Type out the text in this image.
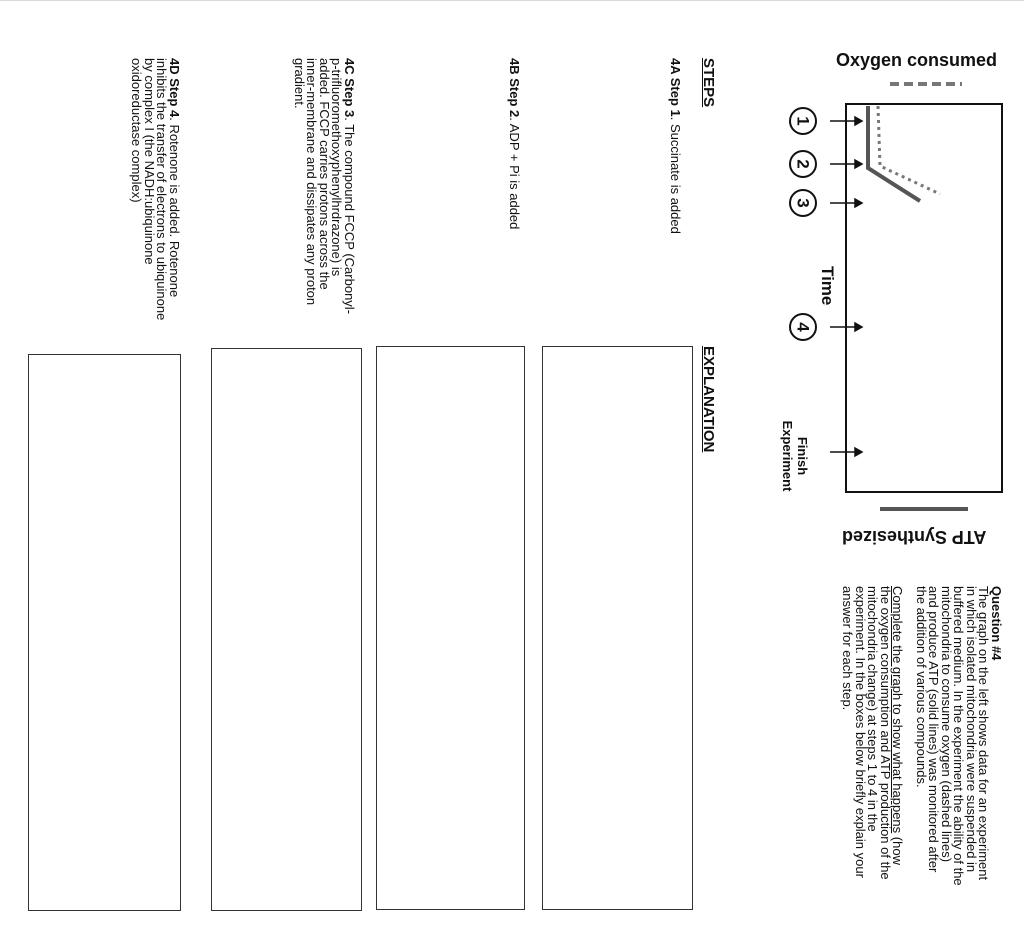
Oxygen consumed
ATP Synthesized
1
2
3
4
Time
Finish Experiment
Question #4
The graph on the left shows data for an experiment in which isolated mitochondria were suspended in buffered medium. In the experiment the ability of the mitochondria to consume oxygen (dashed lines) and produce ATP (solid lines) was monitored after the addition of various compounds.
Complete the graph to show what happens (how the oxygen consumption and ATP production of the mitochondria change) at steps 1 to 4 in the experiment. In the boxes below briefly explain your answer for each step.
STEPS
EXPLANATION
4A Step 1. Succinate is added
4B Step 2. ADP + Pi is added
4C Step 3. The compound FCCP (Carbonyl-p-trifluoromethoxyphenylhrdrazone) is added. FCCP carries protons across the inner-membrane and dissipates any proton gradient.
4D Step 4. Rotenone is added. Rotenone inhibits the transfer of electrons to ubiquinone by complex I (the NADH:ubiquinone oxidoreductase complex)
